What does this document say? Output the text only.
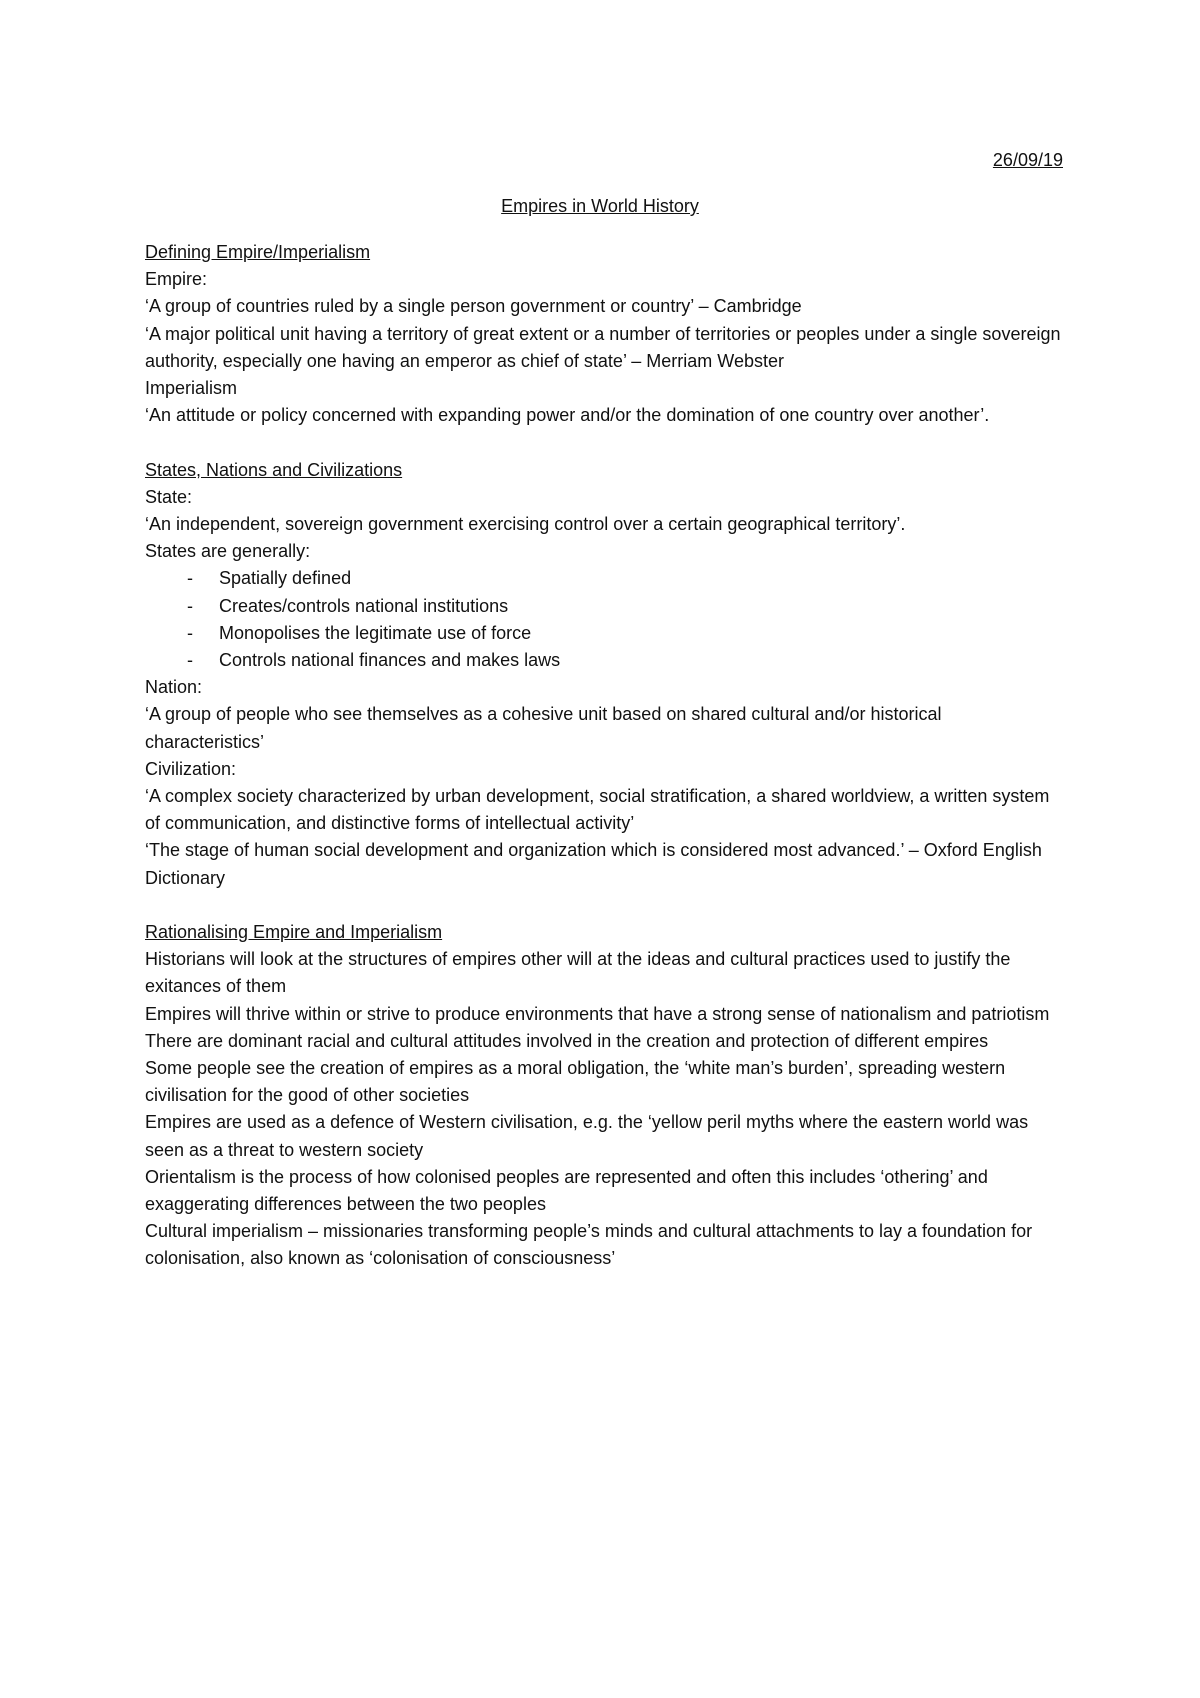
26/09/19
Empires in World History

Defining Empire/Imperialism

Empire:

‘A group of countries ruled by a single person government or country’ – Cambridge

‘A major political unit having a territory of great extent or a number of territories or peoples under a single sovereign authority, especially one having an emperor as chief of state’ – Merriam Webster

Imperialism

‘An attitude or policy concerned with expanding power and/or the domination of one country over another’.

States, Nations and Civilizations

State:

‘An independent, sovereign government exercising control over a certain geographical territory’.

States are generally:

- Spatially defined
- Creates/controls national institutions
- Monopolises the legitimate use of force
- Controls national finances and makes laws

Nation:

‘A group of people who see themselves as a cohesive unit based on shared cultural and/or historical characteristics’

Civilization:

‘A complex society characterized by urban development, social stratification, a shared worldview, a written system of communication, and distinctive forms of intellectual activity’

‘The stage of human social development and organization which is considered most advanced.’ – Oxford English Dictionary

Rationalising Empire and Imperialism

Historians will look at the structures of empires other will at the ideas and cultural practices used to justify the exitances of them

Empires will thrive within or strive to produce environments that have a strong sense of nationalism and patriotism

There are dominant racial and cultural attitudes involved in the creation and protection of different empires

Some people see the creation of empires as a moral obligation, the ‘white man’s burden’, spreading western civilisation for the good of other societies

Empires are used as a defence of Western civilisation, e.g. the ‘yellow peril myths where the eastern world was seen as a threat to western society

Orientalism is the process of how colonised peoples are represented and often this includes ‘othering’ and exaggerating differences between the two peoples

Cultural imperialism – missionaries transforming people’s minds and cultural attachments to lay a foundation for colonisation, also known as ‘colonisation of consciousness’
